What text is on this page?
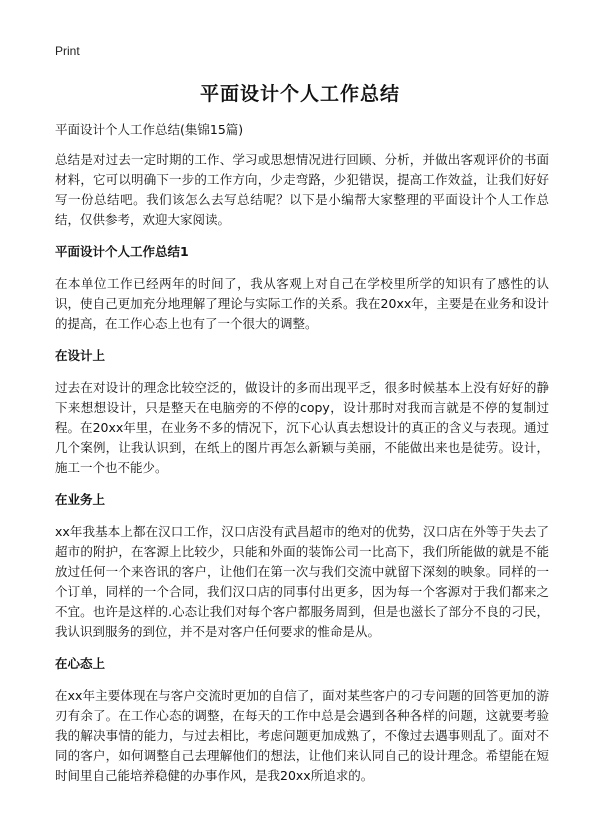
Print
平面设计个人工作总结

平面设计个人工作总结(集锦15篇)

总结是对过去一定时期的工作、学习或思想情况进行回顾、分析，并做出客观评价的书面材料，它可以明确下一步的工作方向，少走弯路，少犯错误，提高工作效益，让我们好好写一份总结吧。我们该怎么去写总结呢？以下是小编帮大家整理的平面设计个人工作总结，仅供参考，欢迎大家阅读。

平面设计个人工作总结1

在本单位工作已经两年的时间了，我从客观上对自己在学校里所学的知识有了感性的认识，使自己更加充分地理解了理论与实际工作的关系。我在20xx年，主要是在业务和设计的提高，在工作心态上也有了一个很大的调整。

在设计上

过去在对设计的理念比较空泛的，做设计的多而出现平乏，很多时候基本上没有好好的静下来想想设计，只是整天在电脑旁的不停的copy，设计那时对我而言就是不停的复制过程。在20xx年里，在业务不多的情况下，沉下心认真去想设计的真正的含义与表现。通过几个案例，让我认识到，在纸上的图片再怎么新颖与美丽，不能做出来也是徒劳。设计，施工一个也不能少。

在业务上

xx年我基本上都在汉口工作，汉口店没有武昌超市的绝对的优势，汉口店在外等于失去了超市的附护，在客源上比较少，只能和外面的装饰公司一比高下，我们所能做的就是不能放过任何一个来咨讯的客户，让他们在第一次与我们交流中就留下深刻的映象。同样的一个订单，同样的一个合同，我们汉口店的同事付出更多，因为每一个客源对于我们都来之不宜。也许是这样的.心态让我们对每个客户都服务周到，但是也滋长了部分不良的刁民，我认识到服务的到位，并不是对客户任何要求的惟命是从。

在心态上

在xx年主要体现在与客户交流时更加的自信了，面对某些客户的刁专问题的回答更加的游刃有余了。在工作心态的调整，在每天的工作中总是会遇到各种各样的问题，这就要考验我的解决事情的能力，与过去相比，考虑问题更加成熟了，不像过去遇事则乱了。面对不同的客户，如何调整自己去理解他们的想法，让他们来认同自己的设计理念。希望能在短时间里自己能培养稳健的办事作风，是我20xx所追求的。
